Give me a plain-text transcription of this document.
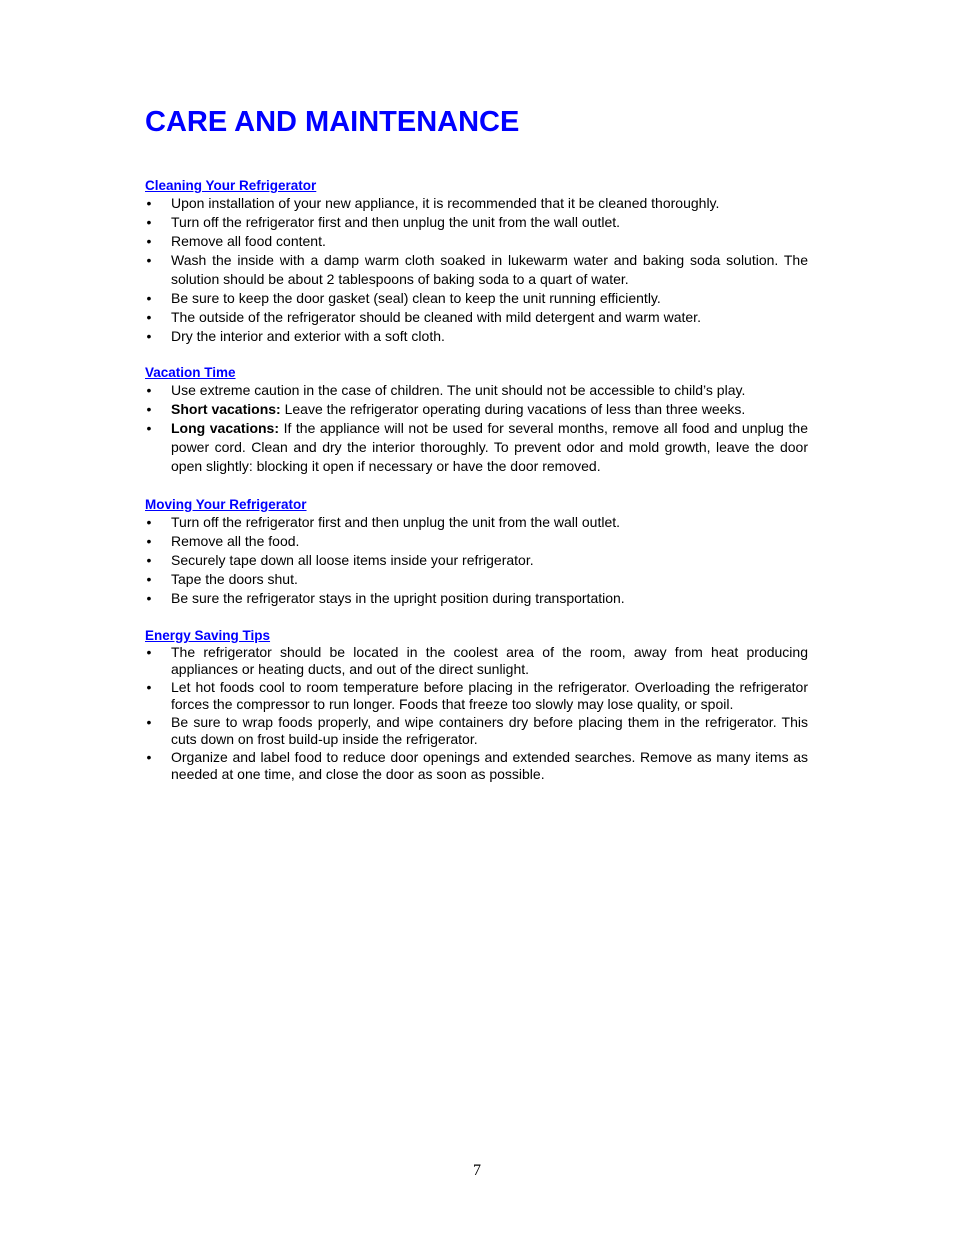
CARE AND MAINTENANCE
Cleaning Your Refrigerator
• Upon installation of your new appliance, it is recommended that it be cleaned thoroughly.
• Turn off the refrigerator first and then unplug the unit from the wall outlet.
• Remove all food content.
• Wash the inside with a damp warm cloth soaked in lukewarm water and baking soda solution. The solution should be about 2 tablespoons of baking soda to a quart of water.
• Be sure to keep the door gasket (seal) clean to keep the unit running efficiently.
• The outside of the refrigerator should be cleaned with mild detergent and warm water.
• Dry the interior and exterior with a soft cloth.
Vacation Time
• Use extreme caution in the case of children. The unit should not be accessible to child’s play.
• Short vacations: Leave the refrigerator operating during vacations of less than three weeks.
• Long vacations: If the appliance will not be used for several months, remove all food and unplug the power cord. Clean and dry the interior thoroughly. To prevent odor and mold growth, leave the door open slightly: blocking it open if necessary or have the door removed.
Moving Your Refrigerator
• Turn off the refrigerator first and then unplug the unit from the wall outlet.
• Remove all the food.
• Securely tape down all loose items inside your refrigerator.
• Tape the doors shut.
• Be sure the refrigerator stays in the upright position during transportation.
Energy Saving Tips
• The refrigerator should be located in the coolest area of the room, away from heat producing appliances or heating ducts, and out of the direct sunlight.
• Let hot foods cool to room temperature before placing in the refrigerator. Overloading the refrigerator forces the compressor to run longer. Foods that freeze too slowly may lose quality, or spoil.
• Be sure to wrap foods properly, and wipe containers dry before placing them in the refrigerator. This cuts down on frost build-up inside the refrigerator.
• Organize and label food to reduce door openings and extended searches. Remove as many items as needed at one time, and close the door as soon as possible.
7
